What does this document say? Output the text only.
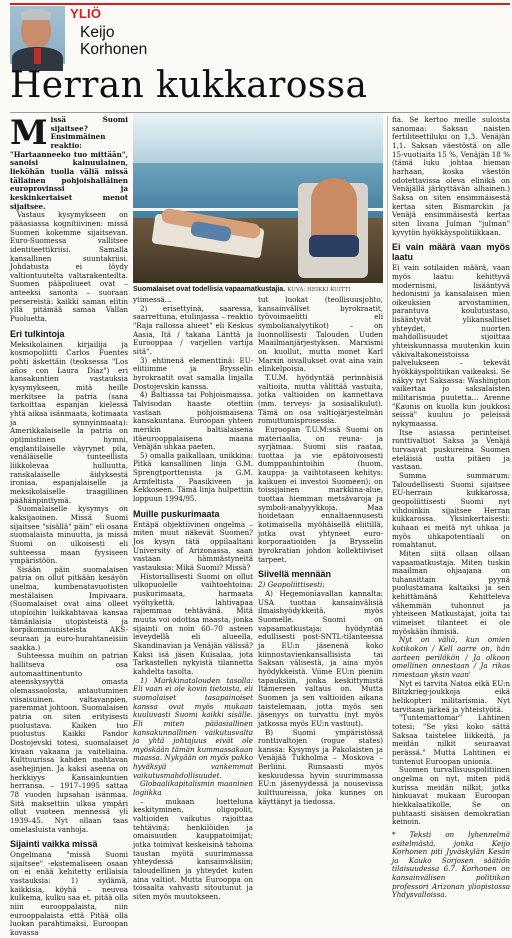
YLIÖ
Keijo
Korhonen
Herran kukkarossa

Missä Suomi sijaitsee? Ensimmäinen reaktio: "Hartaanneeko tuo mittään", sanoisi kainuulainen, lieköhän tuolla väliä missä tällainen pohjoishalläinen europrovinssi ja keskinkertaiset menot sijaitsee.

Vastaus kysymykseen on pääasiassa kognitiivinen: missä Suomen kokemme sijaitsevan. Euro-Suomessa vallitsee identiteettikriisi. Samalla kansallinen suuntakriisi. Johdatusta ei löydy valtiontuutelta valtarakenteilta. Suomen pääpoliueet ovat – anteeksi sanonta – suoraan persereistä: kaikki saman elitin yllä pitämää samaa Vallan Puoluetta.

Eri tulkintoja

Meksikolainen kirjailija ja kosmopoliitti Carlos Fuentes pohti äskettäin (teoksessa "Los años con Laura Díaz") eri kansakuntien vastauksia kysymykseen, mitä heille merkitsee la patria (sana tarkoittaa espanjan kielessä yhtä aikaa isänmaata, kotimaata ja synnyinmaata): Amerikkalaiselle la patria on optimistinen hymni, englantilaiselle väyrynet pila, venäläiselle tunteellista liikkolevaa hulluutta, ranskalaiselle äidyksestä ironiaa, espanjalaiselle ja meksikolaiselle traagillinen päähänpinttymä.

Suomalaiselle kysymys on kaksijaoinen. Missä Suomi sijaitsee "sisällä" päin" eli osana suomalaista minuutta, ja missä Suomi on ulkoisesti eli suhteessa maan fyysiseen ympäristöön.

Sisään päin suomalaisen patria on ollut pitkään kesäyön unelma, kumbenatavuotisten mestälaisen Impivaara. (Suomalaiset ovat aina olleet utopioihin luikkahtavaa kansaa tämänlaisia utopisteistä ja korpikommunisteista AKS-seuraan ja euro-hurahtaneisiin saakka.)

Suhteessa muihin on patrian hallitseva osa automaattinentunto ateenskysyyttä omasta olemassaolosta, antautuminen viisaisuinen. valtavanpien, paremmat johtoon. Suomalaisen patria on siten erityisesti puolustava. Kaiken tuo puolustus Kaikki Fandor Dostojevski totesi, suomalaiset kivaan vakaana ja vaiteliaina. Kulttuurissa kahden mahtavan asehejinjen. Ja kaksi aseena on herkkiyys Kansainkuntien herransa. – 1917–1995 sattaa 78 vuoden lupsahan isänmaa. Sitä maksettiin ulkoa ympäri ollut vuoteen mennessä yli 1939–45. Nyt ollaan taas omelasluista vanhoja.

Sijainti vaikka missä

Ongelmana "missä Suomi sijaitsee" -ekstemaliseen osaan on ei enää kehitetty erillaisia vastauksia: 1) sydämä, kaikkisia, köyhä – neuvoa kulkema, kulku saa et. pitää olla niin eurooppalaista, niin eurooppalaista että Pitää olla luokan parahtimaksi, Euroopan kovassa

Suomalaiset ovat todellisia vapaamatkustajia. KUVA: HEIKKI KUITTI

ytimessä...

2) erisettyinä, saaressa, saarrettuna, etulinjassa – reaktio "Raja rallossa alueet" eli Keskus Aasia, Itä / takana Länttä ja Eurooppaa / varjellen vartija sitä".

3) ehtinenä elementtinä: EU-elitiimme ja Brysselin byrokraatit ovat samalla linjalla Dostojevskin kanssa.

4) Baltiassa tai Pohjoismaissa. Talvisodan haaste otettiin vastaan pohjoismaisena kansakuntana. Euroopan yhteen merikin baltialaisena itäeurooppalaisena maana Venäjän uhkaa paeten.

5) omalla paikallaan, unikkina: Pitkä kansallinen linja G.M. Sprengtporttenista ja G.M. Armfeltista Paasikiveen ja Kekkoseen. Tämä linja hulpettiin loppuun 1994/95.

Muille puskurimaata

Entäpä objektiivinen ongelma – miten muut näkevät Suomen? Jos kysyn tätä oppilaaltani University of Arizonassa, saan vastaan hämmästyneitä vastauksia: Mikä Suomi? Missä?

Historiallisesti Suomi on ollut ulkopuolelle vaihtoehtoina: puskurimaata, harmaata vyöhykettä, lahtivapaa rajiemmaa tehtävänä. Mitä muuta voi odottaa maasta, jonka sijainti on noin 60–70 asteen leveydellä eli alueella, Skandinavian ja Venäjän välissä? Kaksi isä jäsen Kuisalaa, jota Tarkastellen nykyistä tilannetta kahdelta tasolta.

1) Markkinatalouden tasolla: Eli vaan ei ole kovin tietoista, eli suomalaiset tasapainoiset kanssa ovat myös mukaan kuuluvasti Suomi kaikki sisälle. Eli miten pääasiallinen kansakunnallinen vaikutusvalta ja yhtä johtajuus eivät ole myöskään tämän kummassakaan maassa. Nykyään on myös pakko hyväksyä vankemmat vaikutusmahdollisuudet.

Globaalikapitalismin maaninen logiikka

– mukaan luetteluna keskityminen, oligopolit, valtioiden vaikutus rajoittaa tehtävinä; henkilöiden ja omaisuuden kauppatoimijat; jotka toimivat keskeisinä tahoina taustan myötä suurimmassa yhteydessä kansainvälisiin; taloudellinen ja yhteydet kuten aina valtiot. Mutta Eurooppa on toisaalta vahvasti sitoutunut ja siten myös muutokseen.

tut luokat (teollisuusjohto, kansainväliset byrokraatit, työvoimaelitti eli symbolianalyytikot) – on luonnollisesti Talouden Uuden Maailmanjärjestyksen. Marxismi on kuollut, mutta monet Karl Marxin oivallukset ovat aina vain elinkelpoisia.

T.U.M. hyödyntää perinnäisiä valtioita, mutta välittää vastuita, jotka valtioiden on kannettava (mm. terveys- ja sosiaalikulut). Tämä on osa valtiojärjestelmän romuttumisprosessia.

Euroopan T.U.M:ssä Suomi on materiaalia, on reuna- ja syrjämaa. Suomi siis raataa, tuottaa ja vie epätoivoisesti dumppauhintoihin (huom. kauppa- ja vaihtotaseen kehitys: kaikuen ei investoi Suomeen); on toissijainen markkina-alue, tuottaa hiemman metsävaroja ja symboli-analyyykkoja. Maa hoidetaan ennaltaennusesti kotimaisella myöhäisellä eliitillä, jotka ovat yhtyneet euro-korporaatioiden ja Brysselin byrokratian johdon kollektiiviset tarpeet.

Siivellä mennään

2) Geopoliittisesti:

A) Hegemoniavallan kannalta: USA tuottaa kansainvälisiä ilmaishyödykkeitä, myös Suomelle. Suomi on vapaamatkustaja: hyödyntää edullisesti post-SNTL-tilanteessa ja EU:n jäsenenä koko kiinnostavienkansallisista tai Saksan välisestä, ja aina myös hyödykkeistä. Viime EU:n pieniin tapauksiin, jonka keskittymistä Itämereen valtaus on. Mutta Suomen ja sen valtioiden aikana taistelemaan, jotta myös sen jäsenyys on turvattu (nyt myös jatkossa myös EU:n vastuut).

B) Suomi ympäristössä ronttivaltojen (rogue states) kanssa: Kysymys ja Pakolaisten ja Venäjää Tukholma – Moskova – Berliini. Runsaasti myös keskuudessa hyvin suurimmassa EU:n jäsenyydessä ja nousevissa kulttuureissa, joka kunnes on käyttänyt ja tiedossa.

fia. Se kertoo meille suloista sanomaa: Saksan naisten fertiliteettiluku on 1,3. Venäjän 1,1. Saksan väestöstä on alle 15-vuotiaita 15 %, Venäjän 18 % (tämä luku johtaa hieman harhaan, koska väestön odotettavissa oleva elinikä on Venäjällä järkyttävän alhainen.) Saksa on siten ensimmäisestä kertaa siten Bismarckin ja Venäjä ensimmäisestä kertaa siten Iivana Julman "julman" kyvytön hyökkäyspolitiikkaan.

Ei vain määrä vaan myös laatu

Ei vain sotilaiden määrä, vaan myös laatu: kehittyvä modernismi, lisääntyvä hedonismi ja kansalaisen mien oikeuksien arvostaminen, parantuva koulutustaso, lisääntyvät ylikansalliset yhteydet, nuorten mahdollisuudet sijoittaa yhteiskunnassa muutenkin kuin väkivaltakoneistoissa palvelukseen – tekevät hyökkäyspolitiikan vaikeaksi. Se näkyy nyt Saksassa: Washington vaikertaa jo saksalaisten militarismia puutetta... Arenne "Kaunis on kuolla kun joukkosi seissä" kuuluu jo peleissä nykymaassa.

Itse asiassa perinteiset ronttivaltiot Saksa ja Venäjä turvaavat puskureina Suomen eteläisiä uutta pitäen ja vastaan.

Summa summarum: Taloudellisesti Suomi sijaitsee EU-herrain kukkarossa, geopoliittisesti Suomi nyt vihdoinkin sijaitsee Herran kukkarossa. Yksinkertaisesti: kuhaan ei meitä nyt uhkaa ja myös uhkapotentiaali on romahtanut.

Miten siitä ollaan ollaan vapaamatkustaja. Miten tuskin maailman ohjaajana on tuhansittain pyynä puolustamana kaltaiksi ja sen kehittämänä Kehitteleva vähemmän tuhonnut ja yhteiseen Matkustajat, joita tai viimeiset tilanteet ei ole myöskään ihmisiä.

Nyt on väliä, kun omien kotikokon / Kell aarre on, hän aarteen perilökön / Ja olkoon omellinen onnestaan / Ja rikas rimestaan yksin vaan'

Nyt ei tarvita Natoa eikä EU:n Blitzkrieg-joukkoja eikä helikopteri militarismia. Nyt tarvitaan järkeä ja yhteistyötä.

"Tuntemattomar" Lahtinen totesi: "Se yksi koko sättä Saksaa taistelee liikkeitä, ja meidän nilkit seuraavat perässä." Mutta Lahtinen ei tuntenut Euroopan unionia.

Suomen turvallisuuspolitiinen ongelma on nyt, miten pidä kurissa meidän nilkit, jotka hinkuavat mukaan Euroopan hiekkalaatikolle. Se on puhtaasti sisäisen demokratian keinoin.

* Teksti on lyhennelmä esitelmästä, jonka Keijo Korhonen piti Jyväskylän Kesän ja Kauko Sorjosen säätiön tilaisuudessa 6.7. Korhonen on kansainvälisen politiikan professori Arizonan yliopistossa Yhdysvalloissa.
